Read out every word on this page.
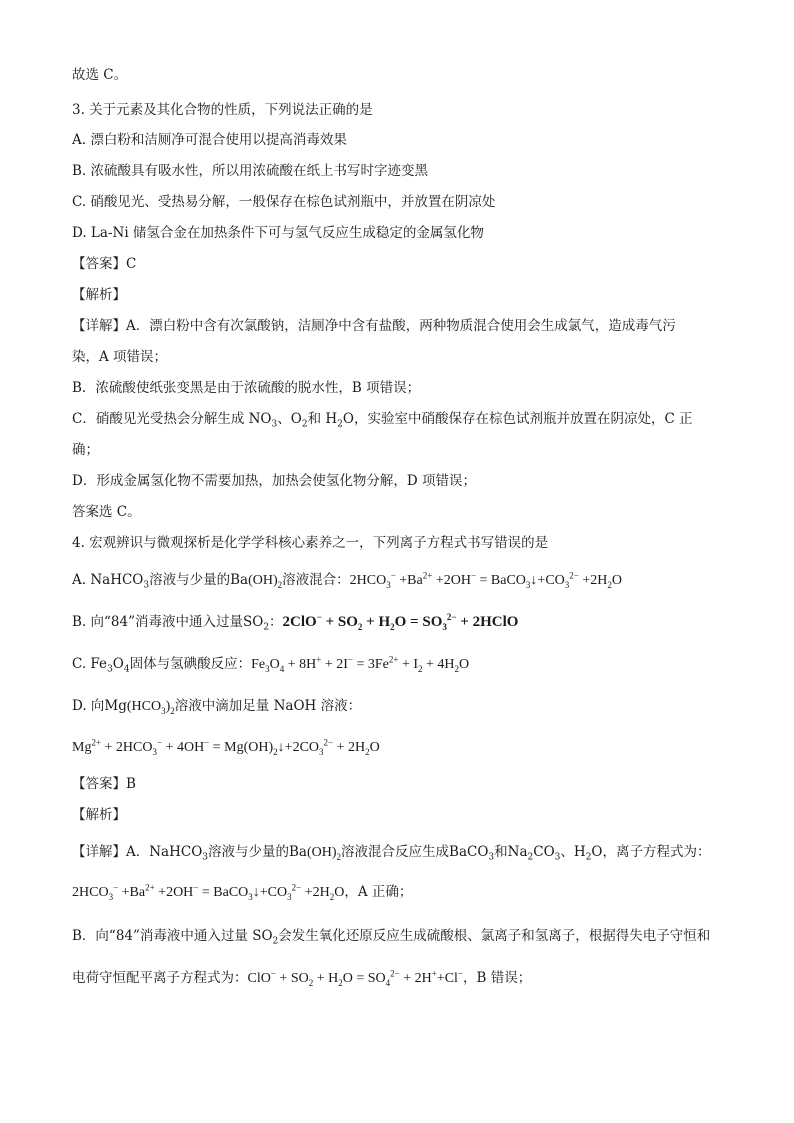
故选 C。
3. 关于元素及其化合物的性质，下列说法正确的是
A. 漂白粉和洁厕净可混合使用以提高消毒效果
B. 浓硫酸具有吸水性，所以用浓硫酸在纸上书写时字迹变黑
C. 硝酸见光、受热易分解，一般保存在棕色试剂瓶中，并放置在阴凉处
D. La-Ni 储氢合金在加热条件下可与氢气反应生成稳定的金属氢化物
【答案】C
【解析】
【详解】A．漂白粉中含有次氯酸钠，洁厕净中含有盐酸，两种物质混合使用会生成氯气，造成毒气污
染，A 项错误；
B．浓硫酸使纸张变黑是由于浓硫酸的脱水性，B 项错误；
C．硝酸见光受热会分解生成 $NO_3$、$O_2$和 $H_2O$，实验室中硝酸保存在棕色试剂瓶并放置在阴凉处，C 正
确；
D．形成金属氢化物不需要加热，加热会使氢化物分解，D 项错误；
答案选 C。
4. 宏观辨识与微观探析是化学学科核心素养之一，下列离子方程式书写错误的是
A. NaHCO$_3$溶液与少量的$Ba(OH)_2$溶液混合：$2HCO_3^- +Ba^{2+} +2OH^-$ = $BaCO_3↓+CO_3^{2-} +2H_2O$
B. 向“84”消毒液中通入过量$SO_2$：$2ClO^- + SO_2 + H_2O = SO_3^{2-}$ + 2HClO
C. $Fe_3O_4$固体与氢碘酸反应：$Fe_3O_4 + 8H^+ + 2I^- = 3Fe^{2+} + I_2 + 4H_2O$
D. 向$Mg(HCO_3)_2$溶液中滴加足量 NaOH 溶液：
$Mg^{2+} + 2HCO_3^- + 4OH^-$ = $Mg(OH)_2↓+2CO_3^{2-} + 2H_2O$
【答案】B
【解析】
【详解】A．NaHCO$_3$溶液与少量的$Ba(OH)_2$溶液混合反应生成BaCO$_3$和$Na_2CO_3$、$H_2O$，离子方程式为：
$2HCO_3^- +Ba^{2+} +2OH^-$ = $BaCO_3↓+CO_3^{2-} +2H_2O$，A 正确；
B．向“84”消毒液中通入过量 $SO_2$会发生氧化还原反应生成硫酸根、氯离子和氢离子，根据得失电子守恒和
电荷守恒配平离子方程式为：$ClO^- + SO_2 + H_2O = SO_4^{2-} + 2H^++Cl^-$，B 错误；
